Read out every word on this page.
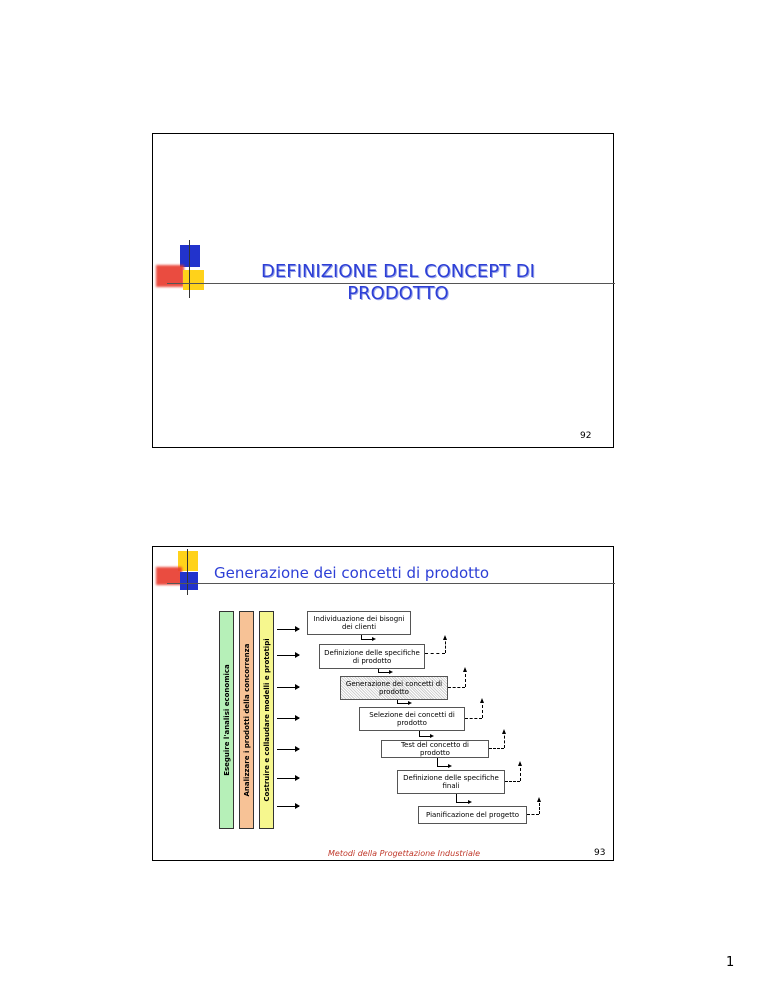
DEFINIZIONE DEL CONCEPT DI
PRODOTTO
92
Generazione dei concetti di prodotto
Eseguire l'analisi economica Analizzare i prodotti della concorrenza Costruire e collaudare modelli e prototipi
Individuazione dei bisogni dei clienti
Definizione delle specifiche di prodotto
Generazione dei concetti di prodotto
Selezione dei concetti di prodotto
Test del concetto di prodotto
Definizione delle specifiche finali
Pianificazione del progetto
Metodi della Progettazione Industriale	93
1
